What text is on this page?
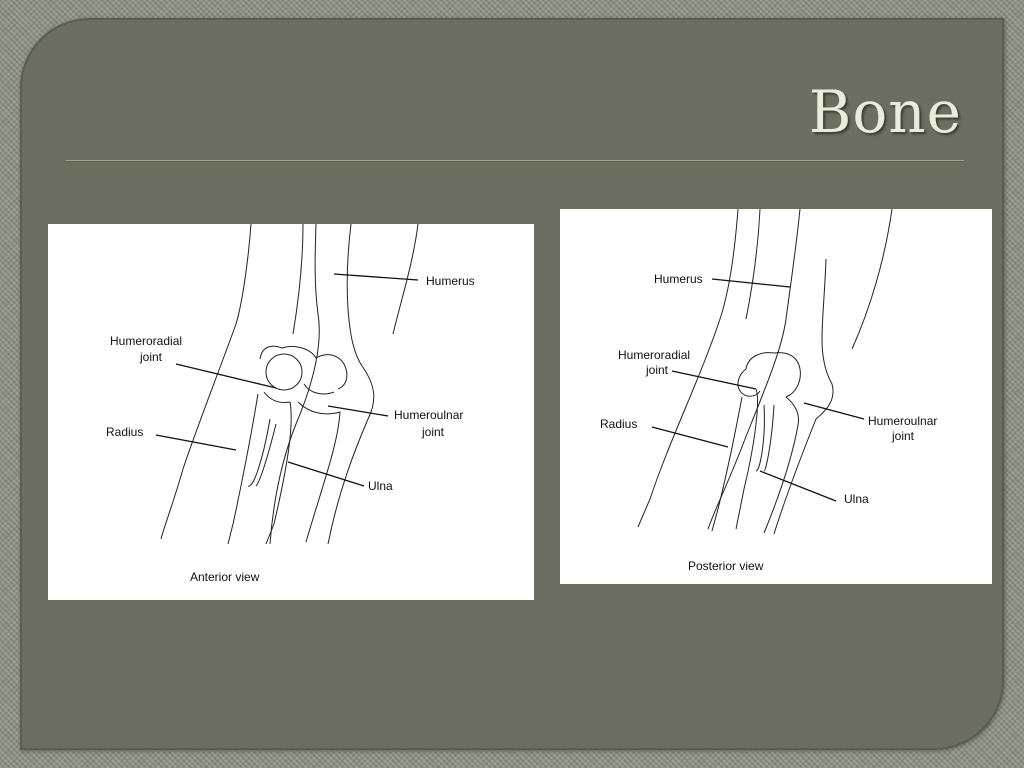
Bone
Humerus
Humeroradial
joint
Humeroulnar
joint
Radius
Ulna
Anterior view
Humerus
Humeroradial
joint
Humeroulnar
joint
Radius
Ulna
Posterior view
